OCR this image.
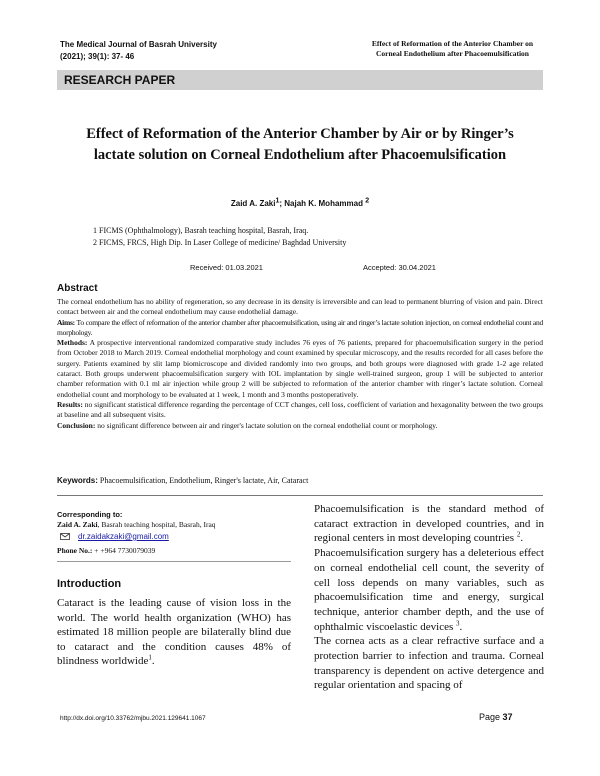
The Medical Journal of Basrah University
(2021); 39(1): 37- 46
Effect of Reformation of the Anterior Chamber on
Corneal Endothelium after Phacoemulsification
RESEARCH PAPER
Effect of Reformation of the Anterior Chamber by Air or by Ringer’s
lactate solution on Corneal Endothelium after Phacoemulsification
Zaid A. Zaki$^1$; Najah K. Mohammad $^2$
1 FICMS (Ophthalmology), Basrah teaching hospital, Basrah, Iraq.
2 FICMS, FRCS, High Dip. In Laser College of medicine/ Baghdad University
Received: 01.03.2021	Accepted: 30.04.2021
Abstract

The corneal endothelium has no ability of regeneration, so any decrease in its density is irreversible and can lead to permanent blurring of vision and pain. Direct contact between air and the corneal endothelium may cause endothelial damage.

Aims: To compare the effect of reformation of the anterior chamber after phacoemulsification, using air and ringer’s lactate solution injection, on corneal endothelial count and morphology.

Methods: A prospective interventional randomized comparative study includes 76 eyes of 76 patients, prepared for phacoemulsification surgery in the period from October 2018 to March 2019. Corneal endothelial morphology and count examined by specular microscopy, and the results recorded for all cases before the surgery. Patients examined by slit lamp biomicroscope and divided randomly into two groups, and both groups were diagnosed with grade 1-2 age related cataract. Both groups underwent phacoemulsification surgery with IOL implantation by single well-trained surgeon, group 1 will be subjected to anterior chamber reformation with 0.1 ml air injection while group 2 will be subjected to reformation of the anterior chamber with ringer’s lactate solution. Corneal endothelial count and morphology to be evaluated at 1 week, 1 month and 3 months postoperatively.

Results: no significant statistical difference regarding the percentage of CCT changes, cell loss, coefficient of variation and hexagonality between the two groups at baseline and all subsequent visits.

Conclusion: no significant difference between air and ringer's lactate solution on the corneal endothelial count or morphology.

Keywords: Phacoemulsification, Endothelium, Ringer's lactate, Air, Cataract
Corresponding to:
Zaid A. Zaki, Basrah teaching hospital, Basrah, Iraq
dr.zaidakzaki@gmail.com
Phone No.: + +964 7730079039
Introduction
Cataract is the leading cause of vision loss in the world. The world health organization (WHO) has estimated 18 million people are bilaterally blind due to cataract and the condition causes 48% of blindness worldwide$^1$.

Phacoemulsification is the standard method of cataract extraction in developed countries, and in regional centers in most developing countries $^2$.

Phacoemulsification surgery has a deleterious effect on corneal endothelial cell count, the severity of cell loss depends on many variables, such as phacoemulsification time and energy, surgical technique, anterior chamber depth, and the use of ophthalmic viscoelastic devices $^3$.

The cornea acts as a clear refractive surface and a protection barrier to infection and trauma. Corneal transparency is dependent on active detergence and regular orientation and spacing of

http://dx.doi.org/10.33762/mjbu.2021.129641.1067	Page 37
